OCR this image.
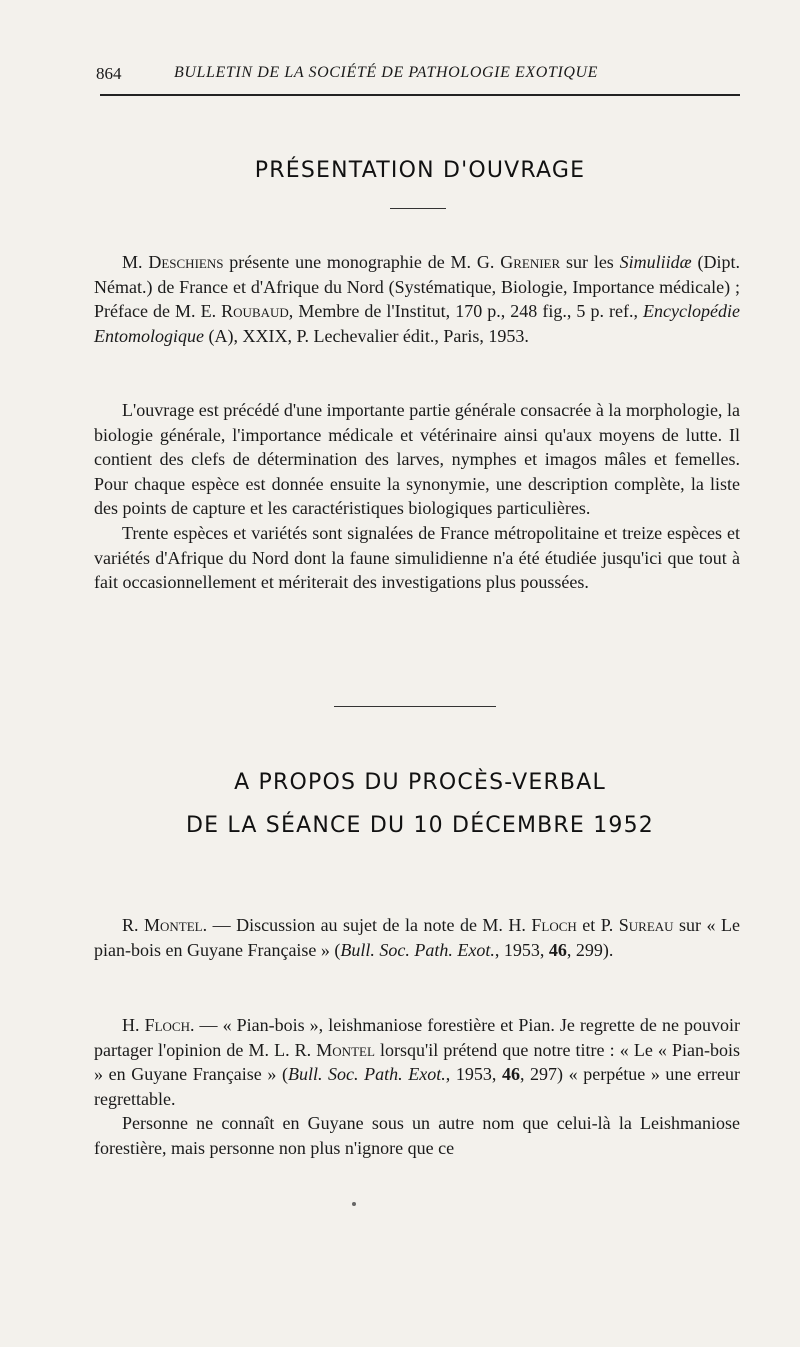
864	BULLETIN DE LA SOCIÉTÉ DE PATHOLOGIE EXOTIQUE
PRÉSENTATION D'OUVRAGE

M. Deschiens présente une monographie de M. G. Grenier sur les Simuliidæ (Dipt. Némat.) de France et d'Afrique du Nord (Systématique, Biologie, Importance médicale) ; Préface de M. E. Roubaud, Membre de l'Institut, 170 p., 248 fig., 5 p. ref., Encyclopédie Entomologique (A), XXIX, P. Lechevalier édit., Paris, 1953.

L'ouvrage est précédé d'une importante partie générale consacrée à la morphologie, la biologie générale, l'importance médicale et vétérinaire ainsi qu'aux moyens de lutte. Il contient des clefs de détermination des larves, nymphes et imagos mâles et femelles. Pour chaque espèce est donnée ensuite la synonymie, une description complète, la liste des points de capture et les caractéristiques biologiques particulières.

Trente espèces et variétés sont signalées de France métropolitaine et treize espèces et variétés d'Afrique du Nord dont la faune simulidienne n'a été étudiée jusqu'ici que tout à fait occasionnellement et mériterait des investigations plus poussées.

A PROPOS DU PROCÈS-VERBAL
DE LA SÉANCE DU 10 DÉCEMBRE 1952

R. Montel. — Discussion au sujet de la note de M. H. Floch et P. Sureau sur « Le pian-bois en Guyane Française » (Bull. Soc. Path. Exot., 1953, 46, 299).

H. Floch. — « Pian-bois », leishmaniose forestière et Pian. Je regrette de ne pouvoir partager l'opinion de M. L. R. Montel lorsqu'il prétend que notre titre : « Le « Pian-bois » en Guyane Française » (Bull. Soc. Path. Exot., 1953, 46, 297) « perpétue » une erreur regrettable.

Personne ne connaît en Guyane sous un autre nom que celui-là la Leishmaniose forestière, mais personne non plus n'ignore que ce
